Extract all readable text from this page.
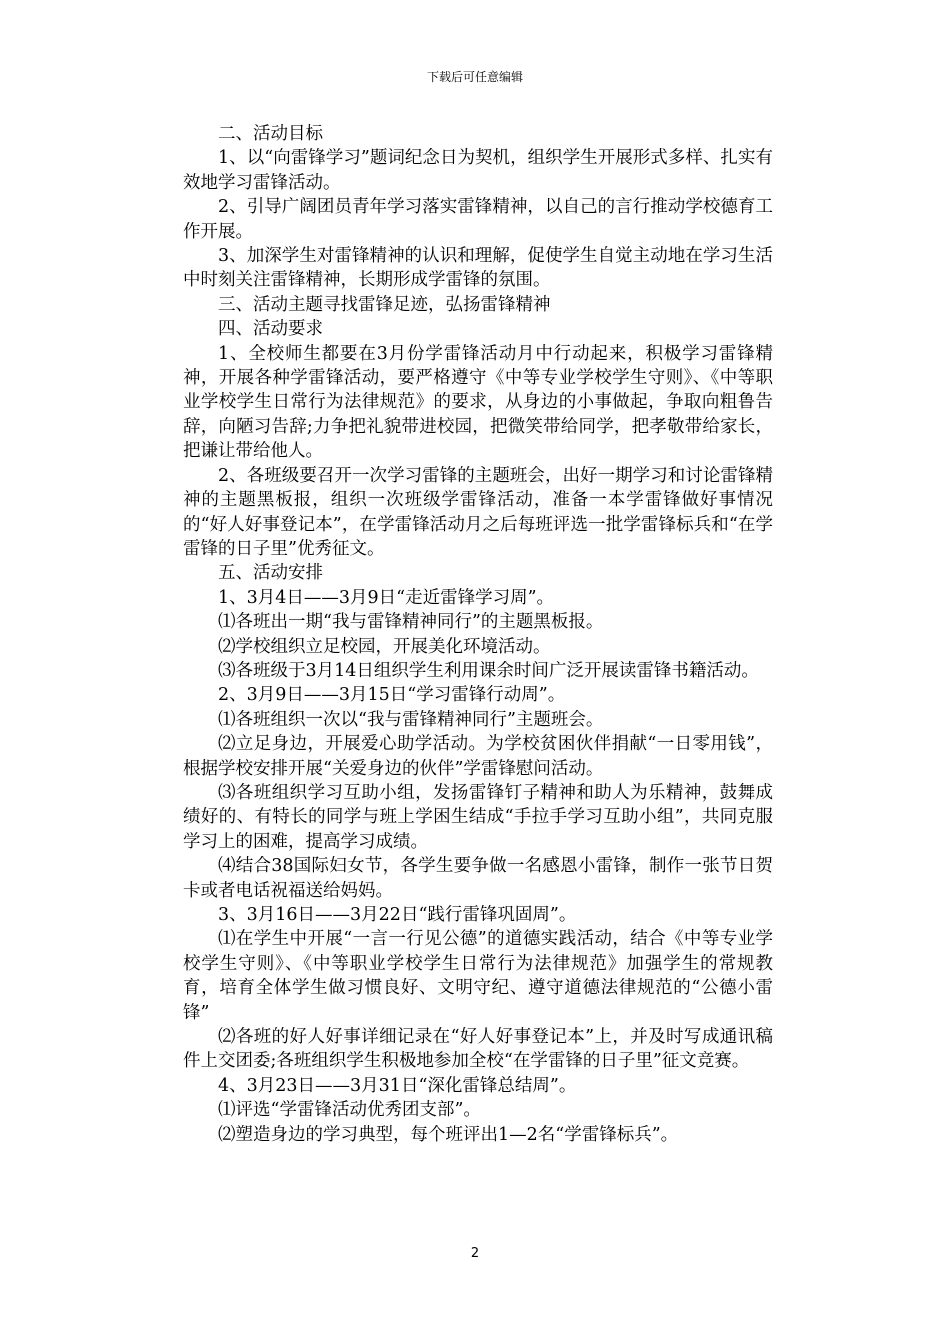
下载后可任意编辑

二、活动目标

1、以“向雷锋学习”题词纪念日为契机，组织学生开展形式多样、扎实有效地学习雷锋活动。

2、引导广阔团员青年学习落实雷锋精神，以自己的言行推动学校德育工作开展。

3、加深学生对雷锋精神的认识和理解，促使学生自觉主动地在学习生活中时刻关注雷锋精神，长期形成学雷锋的氛围。

三、活动主题寻找雷锋足迹，弘扬雷锋精神

四、活动要求

1、全校师生都要在3月份学雷锋活动月中行动起来，积极学习雷锋精神，开展各种学雷锋活动，要严格遵守《中等专业学校学生守则》、《中等职业学校学生日常行为法律规范》的要求，从身边的小事做起，争取向粗鲁告辞，向陋习告辞;力争把礼貌带进校园，把微笑带给同学，把孝敬带给家长，把谦让带给他人。

2、各班级要召开一次学习雷锋的主题班会，出好一期学习和讨论雷锋精神的主题黑板报，组织一次班级学雷锋活动，准备一本学雷锋做好事情况的“好人好事登记本”，在学雷锋活动月之后每班评选一批学雷锋标兵和“在学雷锋的日子里”优秀征文。

五、活动安排

1、3月4日——3月9日“走近雷锋学习周”。

⑴各班出一期“我与雷锋精神同行”的主题黑板报。

⑵学校组织立足校园，开展美化环境活动。

⑶各班级于3月14日组织学生利用课余时间广泛开展读雷锋书籍活动。

2、3月9日——3月15日“学习雷锋行动周”。

⑴各班组织一次以“我与雷锋精神同行”主题班会。

⑵立足身边，开展爱心助学活动。为学校贫困伙伴捐献“一日零用钱”，根据学校安排开展“关爱身边的伙伴”学雷锋慰问活动。

⑶各班组织学习互助小组，发扬雷锋钉子精神和助人为乐精神，鼓舞成绩好的、有特长的同学与班上学困生结成“手拉手学习互助小组”，共同克服学习上的困难，提高学习成绩。

⑷结合38国际妇女节，各学生要争做一名感恩小雷锋，制作一张节日贺卡或者电话祝福送给妈妈。

3、3月16日——3月22日“践行雷锋巩固周”。

⑴在学生中开展“一言一行见公德”的道德实践活动，结合《中等专业学校学生守则》、《中等职业学校学生日常行为法律规范》加强学生的常规教育，培育全体学生做习惯良好、文明守纪、遵守道德法律规范的“公德小雷锋”

⑵各班的好人好事详细记录在“好人好事登记本”上，并及时写成通讯稿件上交团委;各班组织学生积极地参加全校“在学雷锋的日子里”征文竞赛。

4、3月23日——3月31日“深化雷锋总结周”。

⑴评选“学雷锋活动优秀团支部”。

⑵塑造身边的学习典型，每个班评出1—2名“学雷锋标兵”。

2
